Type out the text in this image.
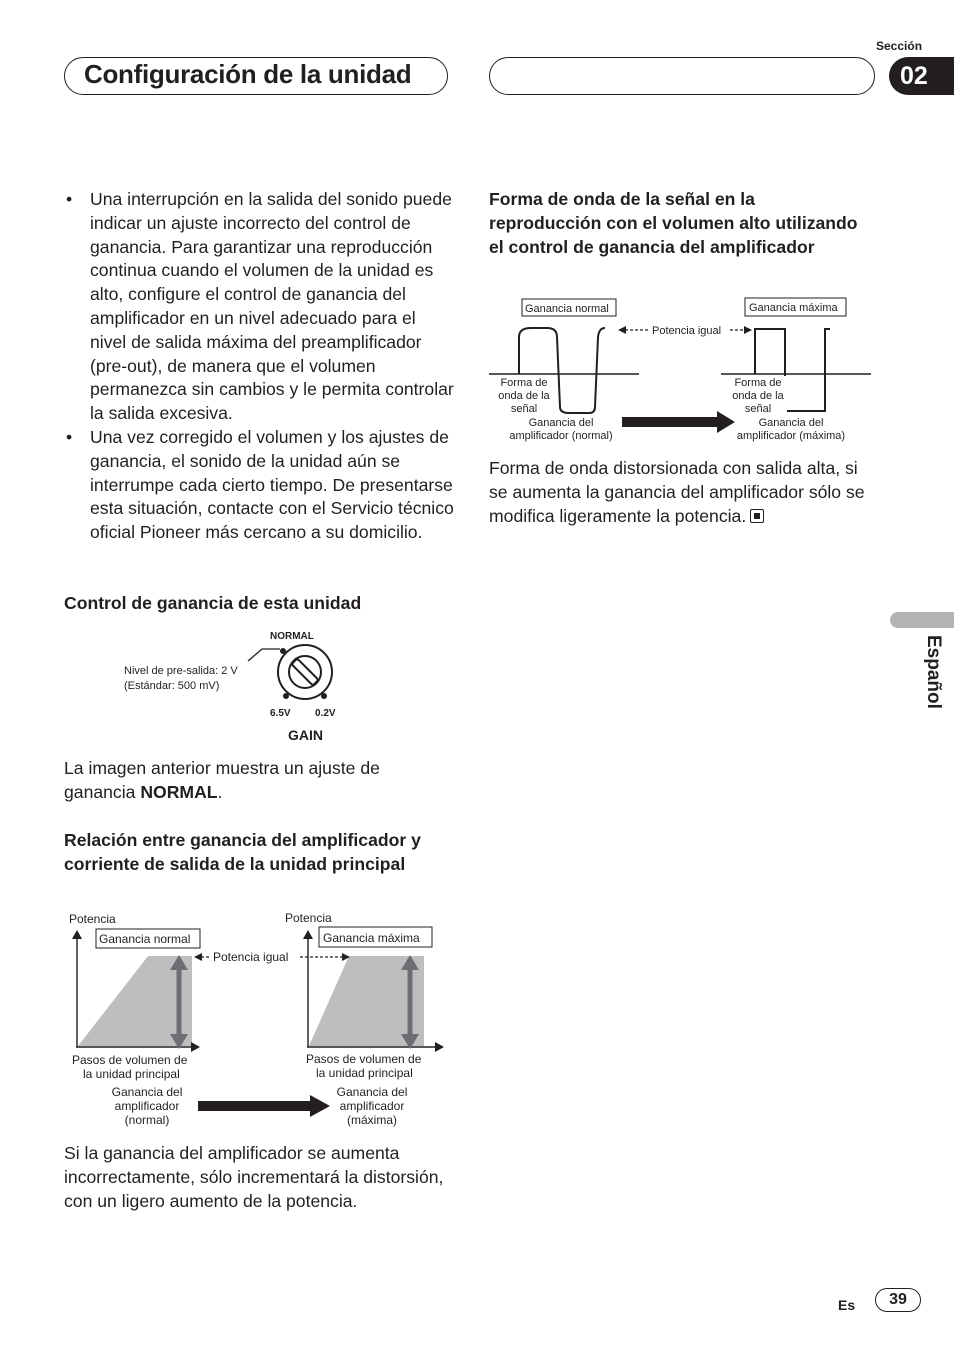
Configuración de la unidad
Sección
02
• Una interrupción en la salida del sonido puede indicar un ajuste incorrecto del control de ganancia. Para garantizar una reproducción continua cuando el volumen de la unidad es alto, configure el control de ganancia del amplificador en un nivel adecuado para el nivel de salida máxima del preamplificador (pre-out), de manera que el volumen permanezca sin cambios y le permita controlar la salida excesiva.
• Una vez corregido el volumen y los ajustes de ganancia, el sonido de la unidad aún se interrumpe cada cierto tiempo. De presentarse esta situación, contacte con el Servicio técnico oficial Pioneer más cercano a su domicilio.
Control de ganancia de esta unidad
Nivel de pre-salida: 2 V
(Estándar: 500 mV)
NORMAL
6.5V 0.2V
GAIN
La imagen anterior muestra un ajuste de ganancia NORMAL.
Relación entre ganancia del amplificador y corriente de salida de la unidad principal
Potencia	Potencia
Ganancia normal	Ganancia máxima
Potencia igual
Pasos de volumen de
la unidad principal
Pasos de volumen de
la unidad principal
Ganancia del
amplificador
(normal)
Ganancia del
amplificador
(máxima)
Si la ganancia del amplificador se aumenta incorrectamente, sólo incrementará la distorsión, con un ligero aumento de la potencia.
Forma de onda de la señal en la reproducción con el volumen alto utilizando el control de ganancia del amplificador
Ganancia normal	Ganancia máxima
Potencia igual
Forma de
onda de la
señal
Ganancia del
amplificador (normal)
Forma de
onda de la
señal
Ganancia del
amplificador (máxima)
Forma de onda distorsionada con salida alta, si se aumenta la ganancia del amplificador sólo se modifica ligeramente la potencia.
Español
Es	39
